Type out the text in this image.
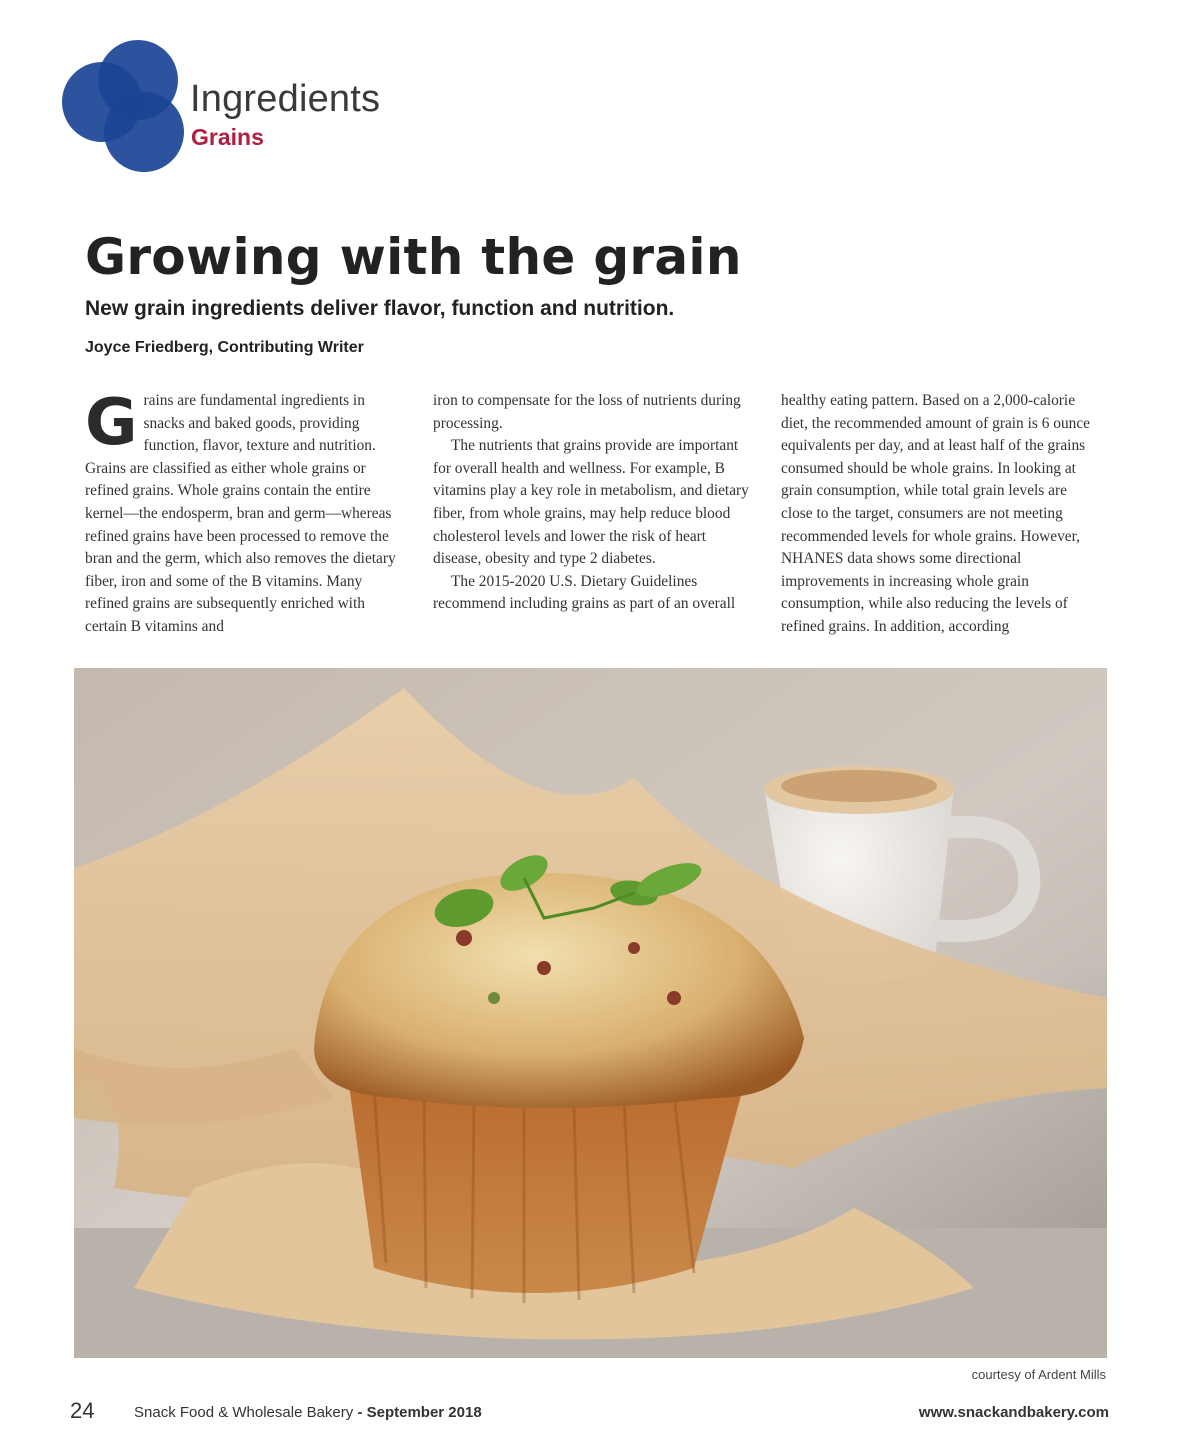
Ingredients
Grains
Growing with the grain

New grain ingredients deliver flavor, function and nutrition.

Joyce Friedberg, Contributing Writer

Grains are fundamental ingredients in snacks and baked goods, providing function, flavor, texture and nutrition. Grains are classified as either whole grains or refined grains. Whole grains contain the entire kernel—the endosperm, bran and germ—whereas refined grains have been processed to remove the bran and the germ, which also removes the dietary fiber, iron and some of the B vitamins. Many refined grains are subsequently enriched with certain B vitamins and

iron to compensate for the loss of nutrients during processing.

The nutrients that grains provide are important for overall health and wellness. For example, B vitamins play a key role in metabolism, and dietary fiber, from whole grains, may help reduce blood cholesterol levels and lower the risk of heart disease, obesity and type 2 diabetes.

The 2015-2020 U.S. Dietary Guidelines recommend including grains as part of an overall

healthy eating pattern. Based on a 2,000-calorie diet, the recommended amount of grain is 6 ounce equivalents per day, and at least half of the grains consumed should be whole grains. In looking at grain consumption, while total grain levels are close to the target, consumers are not meeting recommended levels for whole grains. However, NHANES data shows some directional improvements in increasing whole grain consumption, while also reducing the levels of refined grains. In addition, according

courtesy of Ardent Mills
24	Snack Food & Wholesale Bakery - September 2018	www.snackandbakery.com
